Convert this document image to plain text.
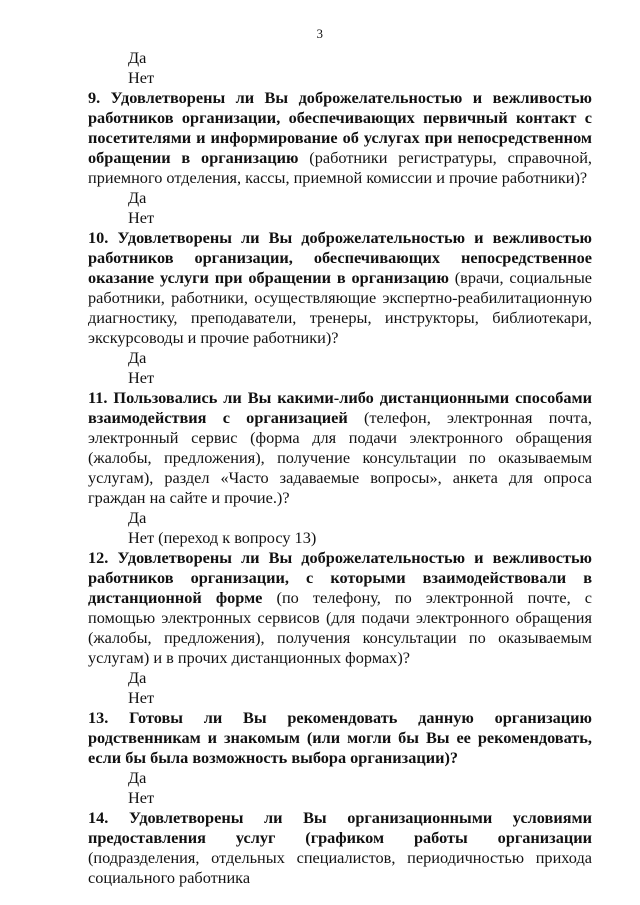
3
Да
Нет
9. Удовлетворены ли Вы доброжелательностью и вежливостью работников организации, обеспечивающих первичный контакт с посетителями и информирование об услугах при непосредственном обращении в организацию (работники регистратуры, справочной, приемного отделения, кассы, приемной комиссии и прочие работники)?
Да
Нет
10. Удовлетворены ли Вы доброжелательностью и вежливостью работников организации, обеспечивающих непосредственное оказание услуги при обращении в организацию (врачи, социальные работники, работники, осуществляющие экспертно-реабилитационную диагностику, преподаватели, тренеры, инструкторы, библиотекари, экскурсоводы и прочие работники)?
Да
Нет
11. Пользовались ли Вы какими-либо дистанционными способами взаимодействия с организацией (телефон, электронная почта, электронный сервис (форма для подачи электронного обращения (жалобы, предложения), получение консультации по оказываемым услугам), раздел «Часто задаваемые вопросы», анкета для опроса граждан на сайте и прочие.)?
Да
Нет (переход к вопросу 13)
12. Удовлетворены ли Вы доброжелательностью и вежливостью работников организации, с которыми взаимодействовали в дистанционной форме (по телефону, по электронной почте, с помощью электронных сервисов (для подачи электронного обращения (жалобы, предложения), получения консультации по оказываемым услугам) и в прочих дистанционных формах)?
Да
Нет
13. Готовы ли Вы рекомендовать данную организацию родственникам и знакомым (или могли бы Вы ее рекомендовать, если бы была возможность выбора организации)?
Да
Нет
14. Удовлетворены ли Вы организационными условиями предоставления услуг (графиком работы организации (подразделения, отдельных специалистов, периодичностью прихода социального работника
